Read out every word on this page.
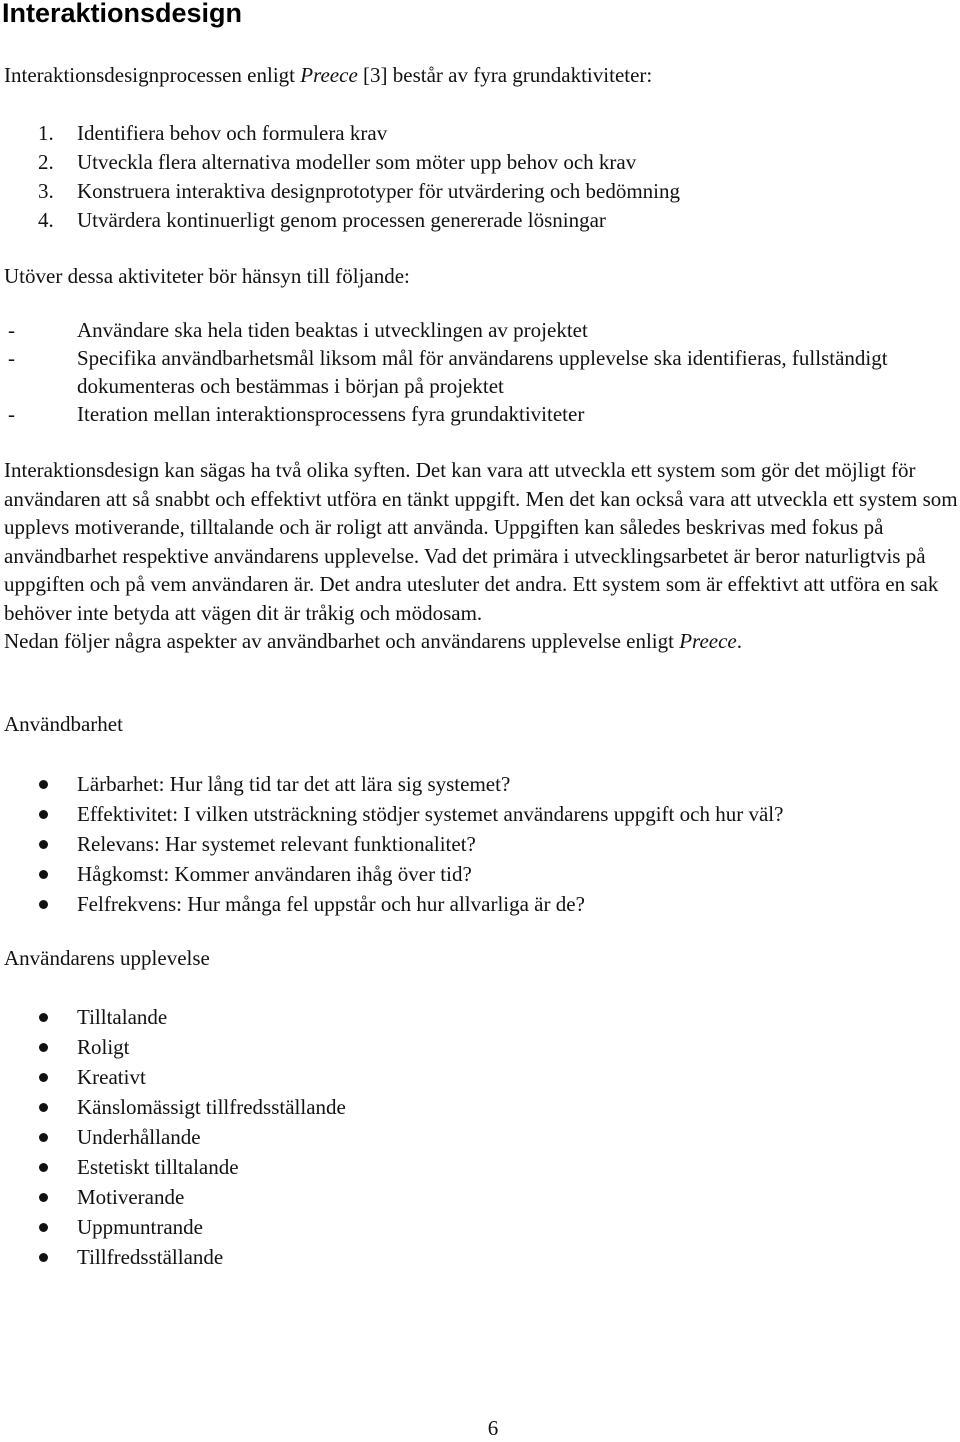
Interaktionsdesign

Interaktionsdesignprocessen enligt Preece [3] består av fyra grundaktiviteter:

1. Identifiera behov och formulera krav
2. Utveckla flera alternativa modeller som möter upp behov och krav
3. Konstruera interaktiva designprototyper för utvärdering och bedömning
4. Utvärdera kontinuerligt genom processen genererade lösningar

Utöver dessa aktiviteter bör hänsyn till följande:

-	Användare ska hela tiden beaktas i utvecklingen av projektet
-	Specifika användbarhetsmål liksom mål för användarens upplevelse ska identifieras, fullständigt dokumenteras och bestämmas i början på projektet
-	Iteration mellan interaktionsprocessens fyra grundaktiviteter

Interaktionsdesign kan sägas ha två olika syften. Det kan vara att utveckla ett system som gör det möjligt för användaren att så snabbt och effektivt utföra en tänkt uppgift. Men det kan också vara att utveckla ett system som upplevs motiverande, tilltalande och är roligt att använda. Uppgiften kan således beskrivas med fokus på användbarhet respektive användarens upplevelse. Vad det primära i utvecklingsarbetet är beror naturligtvis på uppgiften och på vem användaren är. Det andra utesluter det andra. Ett system som är effektivt att utföra en sak behöver inte betyda att vägen dit är tråkig och mödosam.

Nedan följer några aspekter av användbarhet och användarens upplevelse enligt Preece.

Användbarhet

Lärbarhet: Hur lång tid tar det att lära sig systemet?
Effektivitet: I vilken utsträckning stödjer systemet användarens uppgift och hur väl?
Relevans: Har systemet relevant funktionalitet?
Hågkomst: Kommer användaren ihåg över tid?
Felfrekvens: Hur många fel uppstår och hur allvarliga är de?

Användarens upplevelse

Tilltalande
Roligt
Kreativt
Känslomässigt tillfredsställande
Underhållande
Estetiskt tilltalande
Motiverande
Uppmuntrande
Tillfredsställande
6
